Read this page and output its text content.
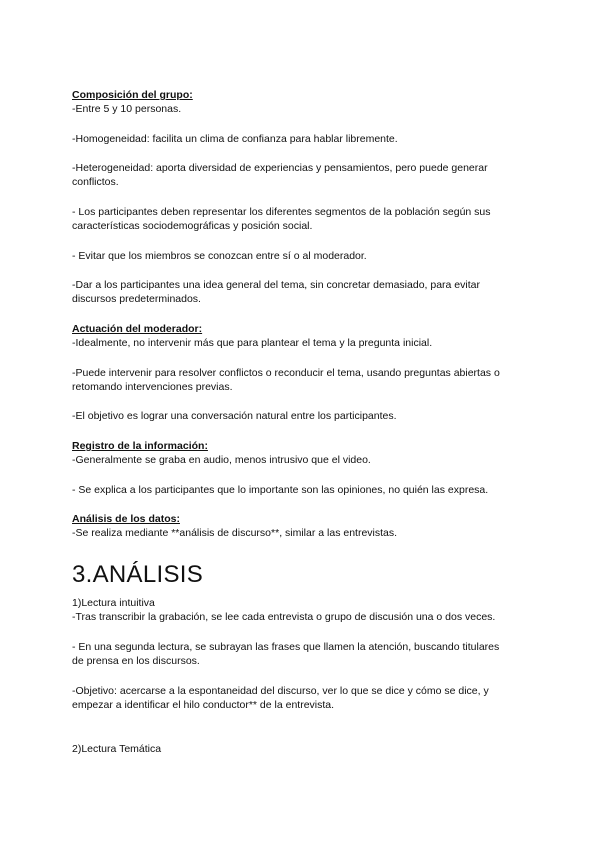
Composición del grupo:
-Entre 5 y 10 personas.
-Homogeneidad: facilita un clima de confianza para hablar libremente.
-Heterogeneidad: aporta diversidad de experiencias y pensamientos, pero puede generar
conflictos.
- Los participantes deben representar los diferentes segmentos de la población según sus
características sociodemográficas y posición social.
- Evitar que los miembros se conozcan entre sí o al moderador.
-Dar a los participantes una idea general del tema, sin concretar demasiado, para evitar
discursos predeterminados.
Actuación del moderador:
-Idealmente, no intervenir más que para plantear el tema y la pregunta inicial.
-Puede intervenir para resolver conflictos o reconducir el tema, usando preguntas abiertas o
retomando intervenciones previas.
-El objetivo es lograr una conversación natural entre los participantes.
Registro de la información:
-Generalmente se graba en audio, menos intrusivo que el video.
- Se explica a los participantes que lo importante son las opiniones, no quién las expresa.
Análisis de los datos:
-Se realiza mediante **análisis de discurso**, similar a las entrevistas.
3.ANÁLISIS
1)Lectura intuitiva
-Tras transcribir la grabación, se lee cada entrevista o grupo de discusión una o dos veces.
- En una segunda lectura, se subrayan las frases que llamen la atención, buscando titulares
de prensa en los discursos.
-Objetivo: acercarse a la espontaneidad del discurso, ver lo que se dice y cómo se dice, y
empezar a identificar el hilo conductor** de la entrevista.
2)Lectura Temática
